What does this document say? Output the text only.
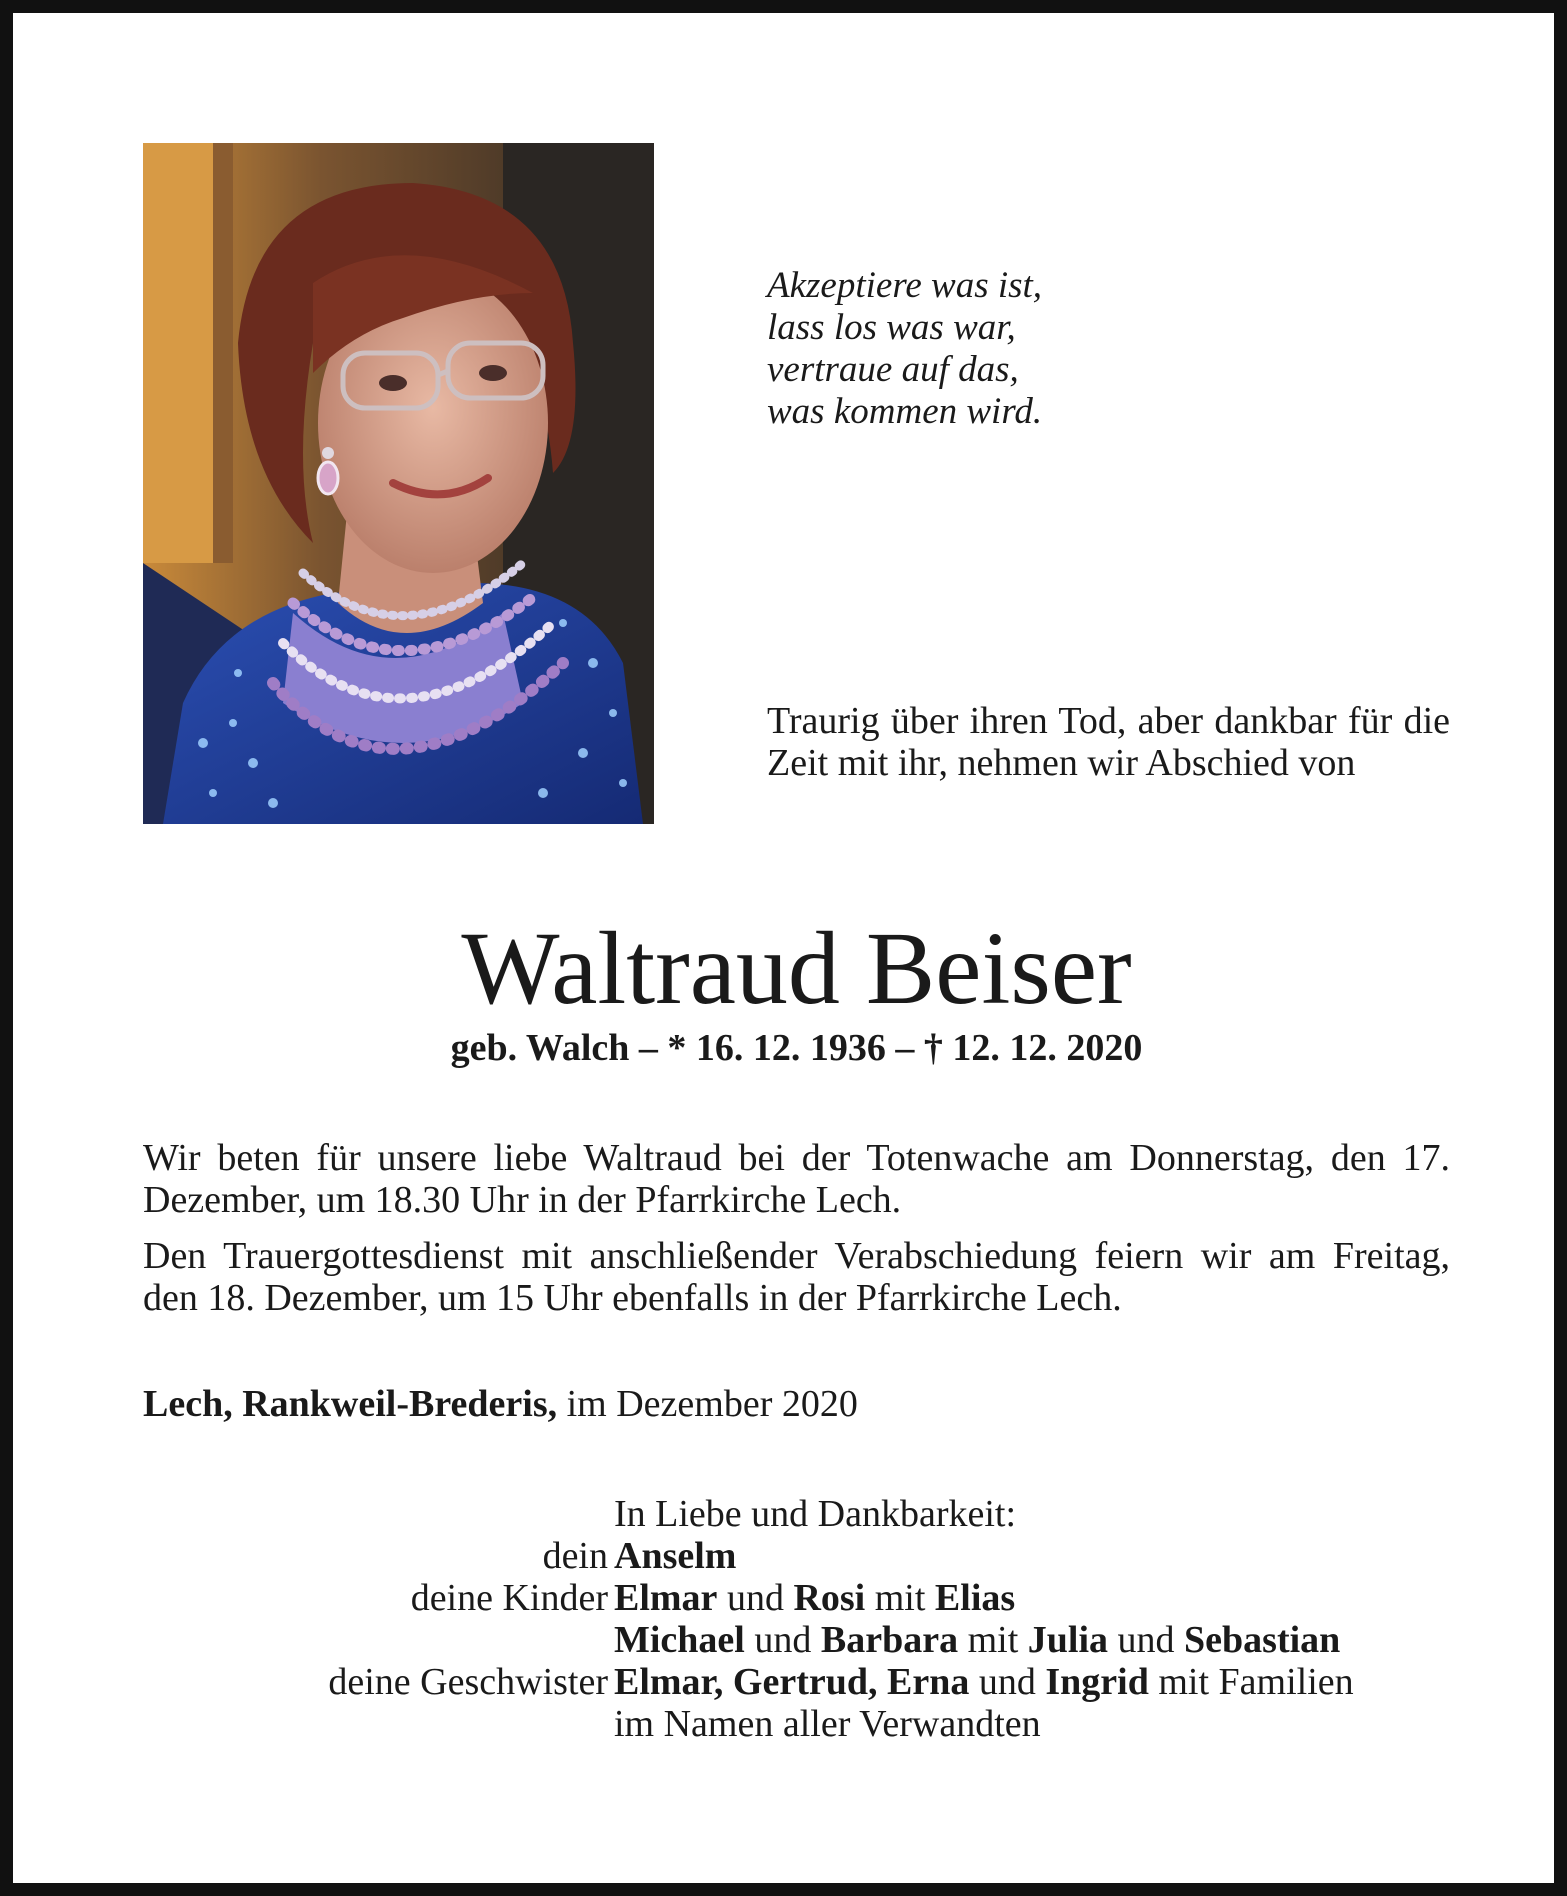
Akzeptiere was ist,
lass los was war,
vertraue auf das,
was kommen wird.
Traurig über ihren Tod, aber dankbar für die Zeit mit ihr, nehmen wir Abschied von
Waltraud Beiser
geb. Walch – * 16. 12. 1936 – † 12. 12. 2020
Wir beten für unsere liebe Waltraud bei der Totenwache am Donnerstag, den 17. Dezember, um 18.30 Uhr in der Pfarrkirche Lech.
Den Trauergottesdienst mit anschließender Verabschiedung feiern wir am Freitag, den 18. Dezember, um 15 Uhr ebenfalls in der Pfarrkirche Lech.
Lech, Rankweil-Brederis, im Dezember 2020
In Liebe und Dankbarkeit:
dein Anselm
deine Kinder Elmar und Rosi mit Elias
Michael und Barbara mit Julia und Sebastian
deine Geschwister Elmar, Gertrud, Erna und Ingrid mit Familien
im Namen aller Verwandten
